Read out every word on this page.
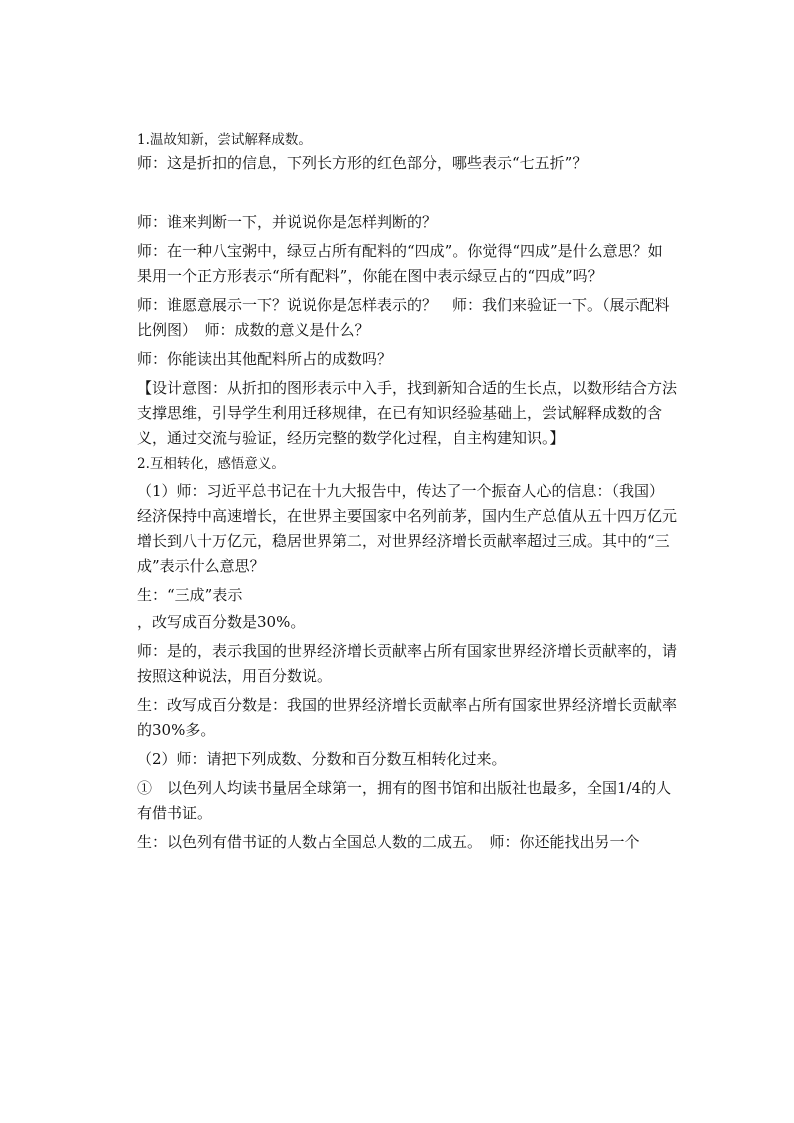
1.温故知新，尝试解释成数。

师：这是折扣的信息，下列长方形的红色部分，哪些表示“七五折”？

师：谁来判断一下，并说说你是怎样判断的？

师：在一种八宝粥中，绿豆占所有配料的“四成”。你觉得“四成”是什么意思？如果用一个正方形表示“所有配料”，你能在图中表示绿豆占的“四成”吗？

师：谁愿意展示一下？说说你是怎样表示的？　师：我们来验证一下。（展示配料比例图）　师：成数的意义是什么？

师：你能读出其他配料所占的成数吗？

【设计意图：从折扣的图形表示中入手，找到新知合适的生长点，以数形结合方法支撑思维，引导学生利用迁移规律，在已有知识经验基础上，尝试解释成数的含义，通过交流与验证，经历完整的数学化过程，自主构建知识。】

2.互相转化，感悟意义。

（1）师：习近平总书记在十九大报告中，传达了一个振奋人心的信息：（我国）经济保持中高速增长，在世界主要国家中名列前茅，国内生产总值从五十四万亿元增长到八十万亿元，稳居世界第二，对世界经济增长贡献率超过三成。其中的“三成”表示什么意思？

生：“三成”表示

，改写成百分数是30%。

师：是的，表示我国的世界经济增长贡献率占所有国家世界经济增长贡献率的，请按照这种说法，用百分数说。

生：改写成百分数是：我国的世界经济增长贡献率占所有国家世界经济增长贡献率的30%多。

（2）师：请把下列成数、分数和百分数互相转化过来。

①　以色列人均读书量居全球第一，拥有的图书馆和出版社也最多，全国1/4的人有借书证。

生：以色列有借书证的人数占全国总人数的二成五。　师：你还能找出另一个
